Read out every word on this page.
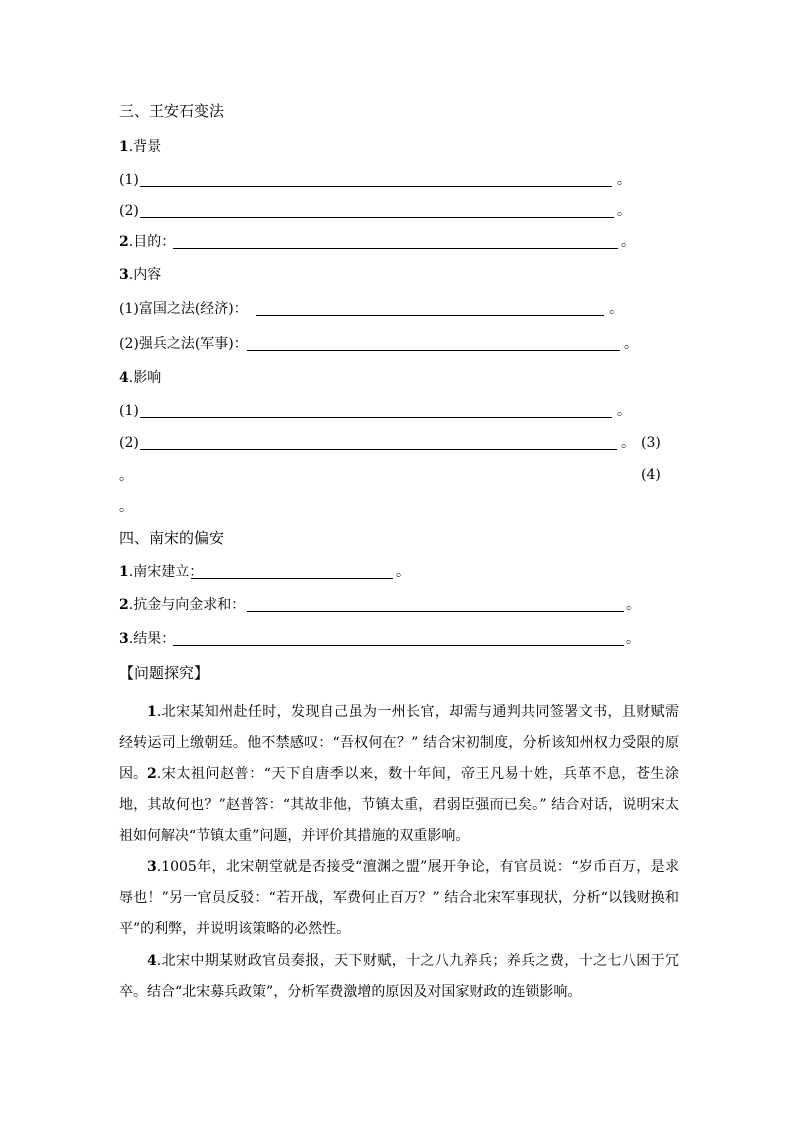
三、王安石变法
1.背景
(1)	。
(2)	。
2.目的：	。
3.内容
(1)富国之法(经济)：	。
(2)强兵之法(军事)：	。
4.影响
(1)	。
(2)	。 (3)
。	(4)
。
四、南宋的偏安
1.南宋建立：	。
2.抗金与向金求和：	。
3.结果：	。
【问题探究】
1.北宋某知州赴任时，发现自己虽为一州长官，却需与通判共同签署文书，且财赋需经转运司上缴朝廷。他不禁感叹：“吾权何在？” 结合宋初制度，分析该知州权力受限的原因。 2.宋太祖问赵普：“天下自唐季以来，数十年间，帝王凡易十姓，兵革不息，苍生涂地，其故何也？”赵普答：“其故非他，节镇太重，君弱臣强而已矣。” 结合对话，说明宋太祖如何解决“节镇太重”问题，并评价其措施的双重影响。
3.1005年，北宋朝堂就是否接受“澶渊之盟”展开争论，有官员说：“岁币百万，是求辱也！”另一官员反驳：“若开战，军费何止百万？” 结合北宋军事现状，分析“以钱财换和平”的利弊，并说明该策略的必然性。
4.北宋中期某财政官员奏报，天下财赋，十之八九养兵；养兵之费，十之七八困于冗卒。结合“北宋募兵政策”，分析军费激增的原因及对国家财政的连锁影响。
